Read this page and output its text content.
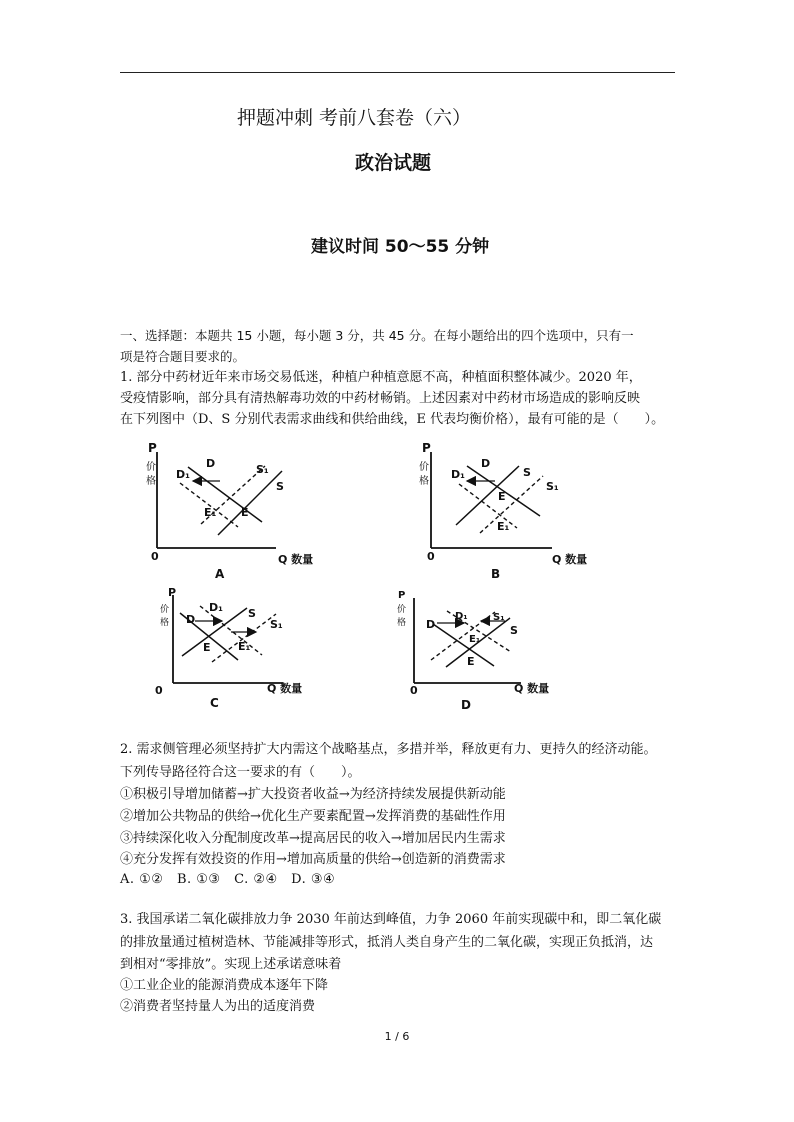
押题冲刺 考前八套卷（六）
政治试题
建议时间 50～55 分钟
一、选择题：本题共 15 小题，每小题 3 分，共 45 分。在每小题给出的四个选项中，只有一
项是符合题目要求的。
1. 部分中药材近年来市场交易低迷，种植户种植意愿不高，种植面积整体减少。2020 年，
受疫情影响，部分具有清热解毒功效的中药材畅销。上述因素对中药材市场造成的影响反映
在下列图中（D、S 分别代表需求曲线和供给曲线，E 代表均衡价格），最有可能的是（　　）。
P
价
格
0	Q 数量
D₁
D	S₁
S
E
E₁
A
P
价
格
0	Q 数量
D₁
D
S
S₁
E
E₁
B
P
价
格
0	Q 数量
D
D₁ S
S₁
E E₁
C
P
价
格
0	Q 数量
D
D₁	S₁
S
E₁
E
D
2. 需求侧管理必须坚持扩大内需这个战略基点，多措并举，释放更有力、更持久的经济动能。
下列传导路径符合这一要求的有（　　）。
①积极引导增加储蓄→扩大投资者收益→为经济持续发展提供新动能
②增加公共物品的供给→优化生产要素配置→发挥消费的基础性作用
③持续深化收入分配制度改革→提高居民的收入→增加居民内生需求
④充分发挥有效投资的作用→增加高质量的供给→创造新的消费需求
A. ①②　B. ①③　C. ②④　D. ③④
3. 我国承诺二氧化碳排放力争 2030 年前达到峰值，力争 2060 年前实现碳中和，即二氧化碳
的排放量通过植树造林、节能减排等形式，抵消人类自身产生的二氧化碳，实现正负抵消，达
到相对“零排放”。实现上述承诺意味着
①工业企业的能源消费成本逐年下降
②消费者坚持量人为出的适度消费
1 / 6
